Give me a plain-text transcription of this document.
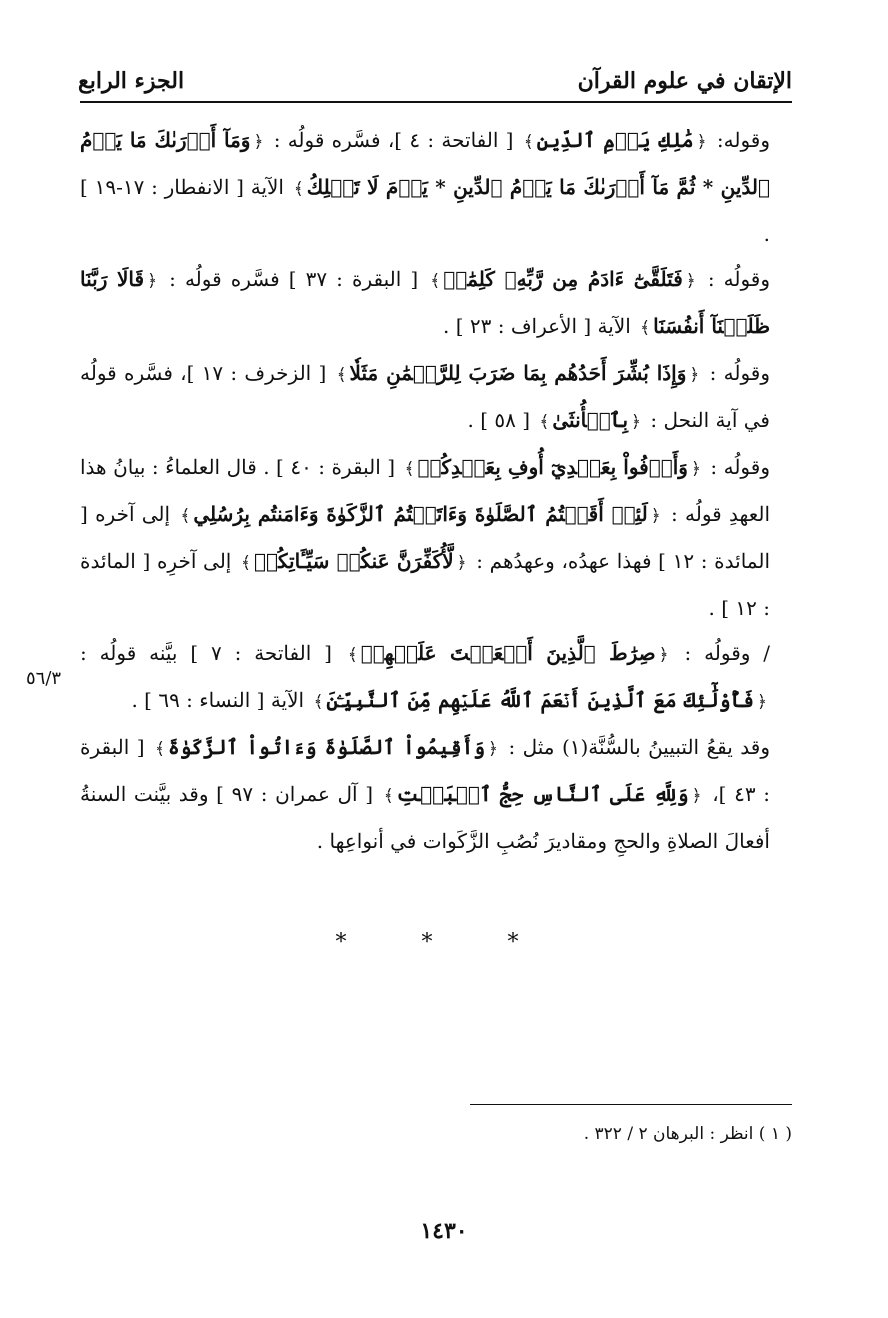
الإتقان في علوم القرآن
الجزء الرابع

وقوله: ﴿مَٰلِكِ يَوۡمِ ٱلدِّينِ﴾ [ الفاتحة : ٤ ]، فسَّره قولُه : ﴿وَمَآ أَدۡرَىٰكَ مَا يَوۡمُ ٱلدِّينِ * ثُمَّ مَآ أَدۡرَىٰكَ مَا يَوۡمُ ٱلدِّينِ * يَوۡمَ لَا تَمۡلِكُ﴾ الآية [ الانفطار : ١٧-١٩ ] .

وقولُه : ﴿فَتَلَقَّىٰٓ ءَادَمُ مِن رَّبِّهِۦ كَلِمَٰتٖ﴾ [ البقرة : ٣٧ ] فسَّره قولُه : ﴿قَالَا رَبَّنَا ظَلَمۡنَآ أَنفُسَنَا﴾ الآية [ الأعراف : ٢٣ ] .

وقولُه : ﴿وَإِذَا بُشِّرَ أَحَدُهُم بِمَا ضَرَبَ لِلرَّحۡمَٰنِ مَثَلٗا﴾ [ الزخرف : ١٧ ]، فسَّره قولُه في آية النحل : ﴿بِٱلۡأُنثَىٰ﴾ [ ٥٨ ] .

وقولُه : ﴿وَأَوۡفُواْ بِعَهۡدِيٓ أُوفِ بِعَهۡدِكُمۡ﴾ [ البقرة : ٤٠ ] . قال العلماءُ : بيانُ هذا العهدِ قولُه : ﴿لَئِنۡ أَقَمۡتُمُ ٱلصَّلَوٰةَ وَءَاتَيۡتُمُ ٱلزَّكَوٰةَ وَءَامَنتُم بِرُسُلِي﴾ إلى آخره [ المائدة : ١٢ ] فهذا عهدُه، وعهدُهم : ﴿لَّأُكَفِّرَنَّ عَنكُمۡ سَيِّـَٔاتِكُمۡ﴾ إلى آخرِه [ المائدة : ١٢ ] .

/ وقولُه : ﴿صِرَٰطَ ٱلَّذِينَ أَنۡعَمۡتَ عَلَيۡهِمۡ﴾ [ الفاتحة : ٧ ] بيَّنه قولُه : ﴿فَأُوْلَٰٓئِكَ مَعَ ٱلَّذِينَ أَنۡعَمَ ٱللَّهُ عَلَيۡهِم مِّنَ ٱلنَّبِيِّـۧنَ﴾ الآية [ النساء : ٦٩ ] .

وقد يقعُ التبيينُ بالسُّنَّة(١) مثل : ﴿وَأَقِيمُواْ ٱلصَّلَوٰةَ وَءَاتُواْ ٱلزَّكَوٰةَ﴾ [ البقرة : ٤٣ ]، ﴿وَلِلَّهِ عَلَى ٱلنَّاسِ حِجُّ ٱلۡبَيۡتِ﴾ [ آل عمران : ٩٧ ] وقد بيَّنت السنةُ أفعالَ الصلاةِ والحجِ ومقاديرَ نُصُبِ الزَّكَوات في أنواعِها .

٥٦/٣
* * *
( ١ ) انظر : البرهان ٢ / ٣٢٢ .
١٤٣٠
